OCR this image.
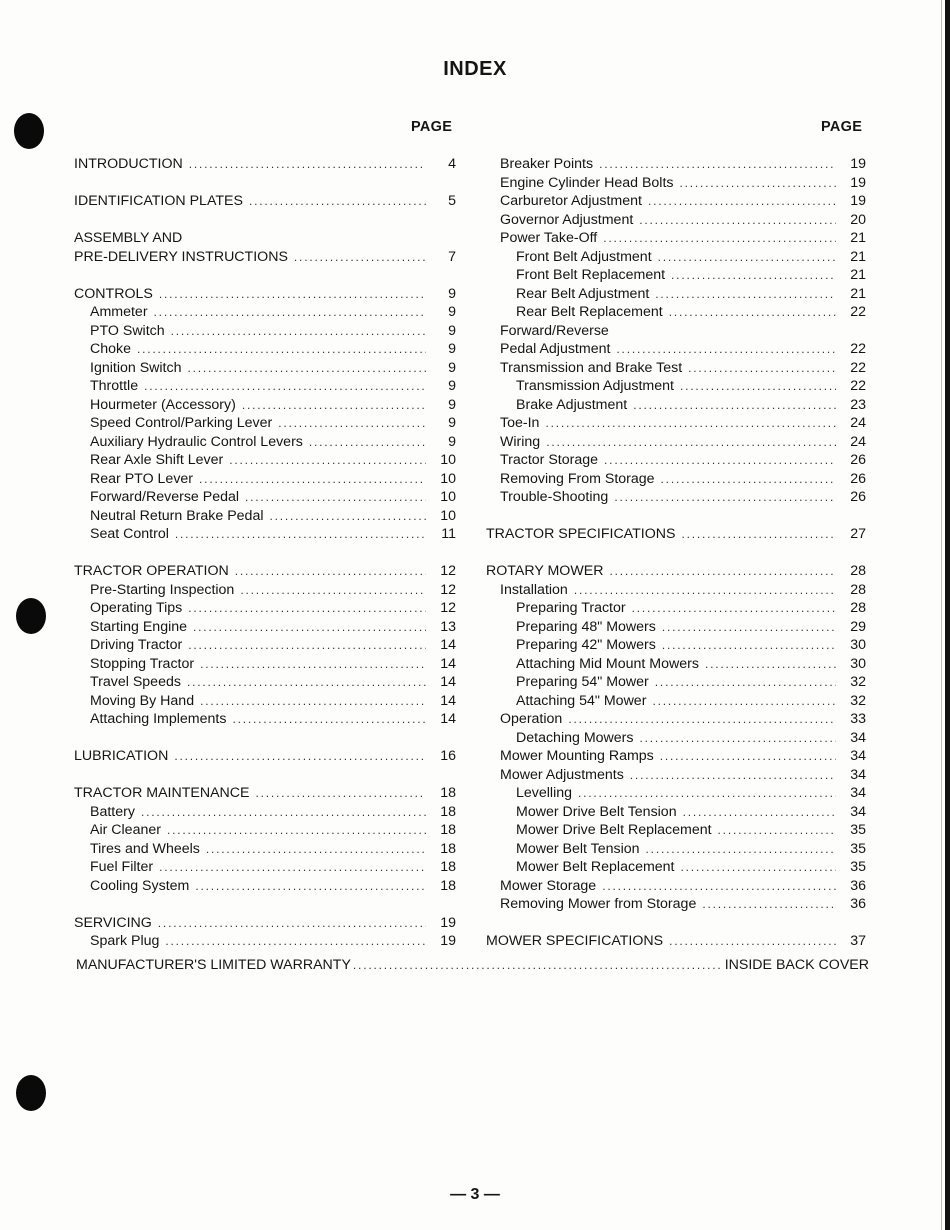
INDEX
PAGE	PAGE
INTRODUCTION .....	4
IDENTIFICATION PLATES .....	5
ASSEMBLY AND
PRE-DELIVERY INSTRUCTIONS .....	7
CONTROLS .....	9
Ammeter .....	9
PTO Switch .....	9
Choke .....	9
Ignition Switch .....	9
Throttle .....	9
Hourmeter (Accessory) .....	9
Speed Control/Parking Lever .....	9
Auxiliary Hydraulic Control Levers .....	9
Rear Axle Shift Lever .....	10
Rear PTO Lever .....	10
Forward/Reverse Pedal .....	10
Neutral Return Brake Pedal .....	10
Seat Control .....	11
TRACTOR OPERATION .....	12
Pre-Starting Inspection .....	12
Operating Tips .....	12
Starting Engine .....	13
Driving Tractor .....	14
Stopping Tractor .....	14
Travel Speeds .....	14
Moving By Hand .....	14
Attaching Implements .....	14
LUBRICATION .....	16
TRACTOR MAINTENANCE .....	18
Battery .....	18
Air Cleaner .....	18
Tires and Wheels .....	18
Fuel Filter .....	18
Cooling System .....	18
SERVICING .....	19
Spark Plug .....	19
Breaker Points .....	19
Engine Cylinder Head Bolts .....	19
Carburetor Adjustment .....	19
Governor Adjustment .....	20
Power Take-Off .....	21
Front Belt Adjustment .....	21
Front Belt Replacement .....	21
Rear Belt Adjustment .....	21
Rear Belt Replacement .....	22
Forward/Reverse
Pedal Adjustment .....	22
Transmission and Brake Test .....	22
Transmission Adjustment .....	22
Brake Adjustment .....	23
Toe-In .....	24
Wiring .....	24
Tractor Storage .....	26
Removing From Storage .....	26
Trouble-Shooting .....	26
TRACTOR SPECIFICATIONS .....	27
ROTARY MOWER .....	28
Installation .....	28
Preparing Tractor .....	28
Preparing 48" Mowers .....	29
Preparing 42" Mowers .....	30
Attaching Mid Mount Mowers .....	30
Preparing 54" Mower .....	32
Attaching 54" Mower .....	32
Operation .....	33
Detaching Mowers .....	34
Mower Mounting Ramps .....	34
Mower Adjustments .....	34
Levelling .....	34
Mower Drive Belt Tension .....	34
Mower Drive Belt Replacement .....	35
Mower Belt Tension .....	35
Mower Belt Replacement .....	35
Mower Storage .....	36
Removing Mower from Storage .....	36
MOWER SPECIFICATIONS .....	37
MANUFACTURER'S LIMITED WARRANTY .....	INSIDE BACK COVER
— 3 —
